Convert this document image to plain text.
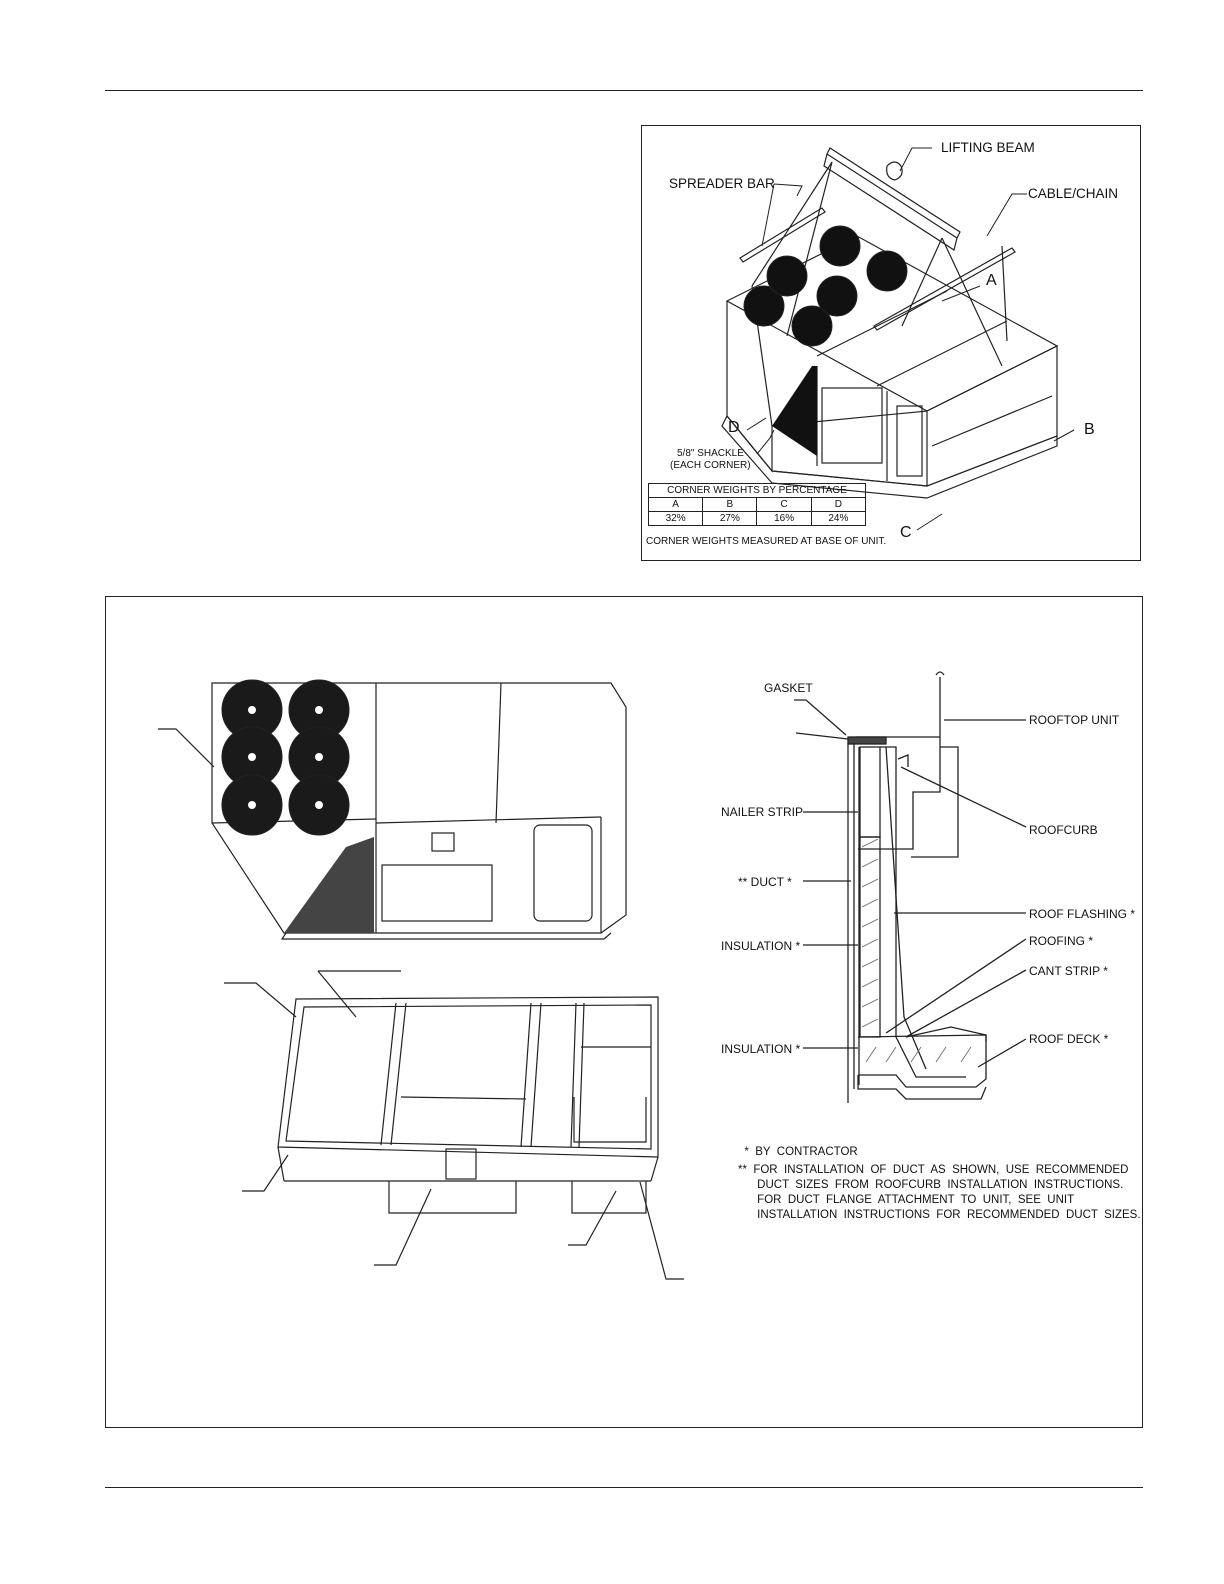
LIFTING BEAM
SPREADER BAR
CABLE/CHAIN
A
B
C
D
5/8" SHACKLE
(EACH CORNER)
CORNER WEIGHTS BY PERCENTAGE			
A	B	C	D
32%	27%	16%	24%
CORNER WEIGHTS MEASURED AT BASE OF UNIT.
GASKET
ROOFTOP UNIT
NAILER STRIP
ROOFCURB
** DUCT *
ROOF FLASHING *
INSULATION *	ROOFING *
CANT STRIP *
INSULATION *
ROOF DECK *
*  BY  CONTRACTOR
**  FOR  INSTALLATION  OF  DUCT  AS  SHOWN,  USE  RECOMMENDED
DUCT  SIZES  FROM  ROOFCURB  INSTALLATION  INSTRUCTIONS.
FOR  DUCT  FLANGE  ATTACHMENT  TO  UNIT,  SEE  UNIT
INSTALLATION  INSTRUCTIONS  FOR  RECOMMENDED  DUCT  SIZES.
